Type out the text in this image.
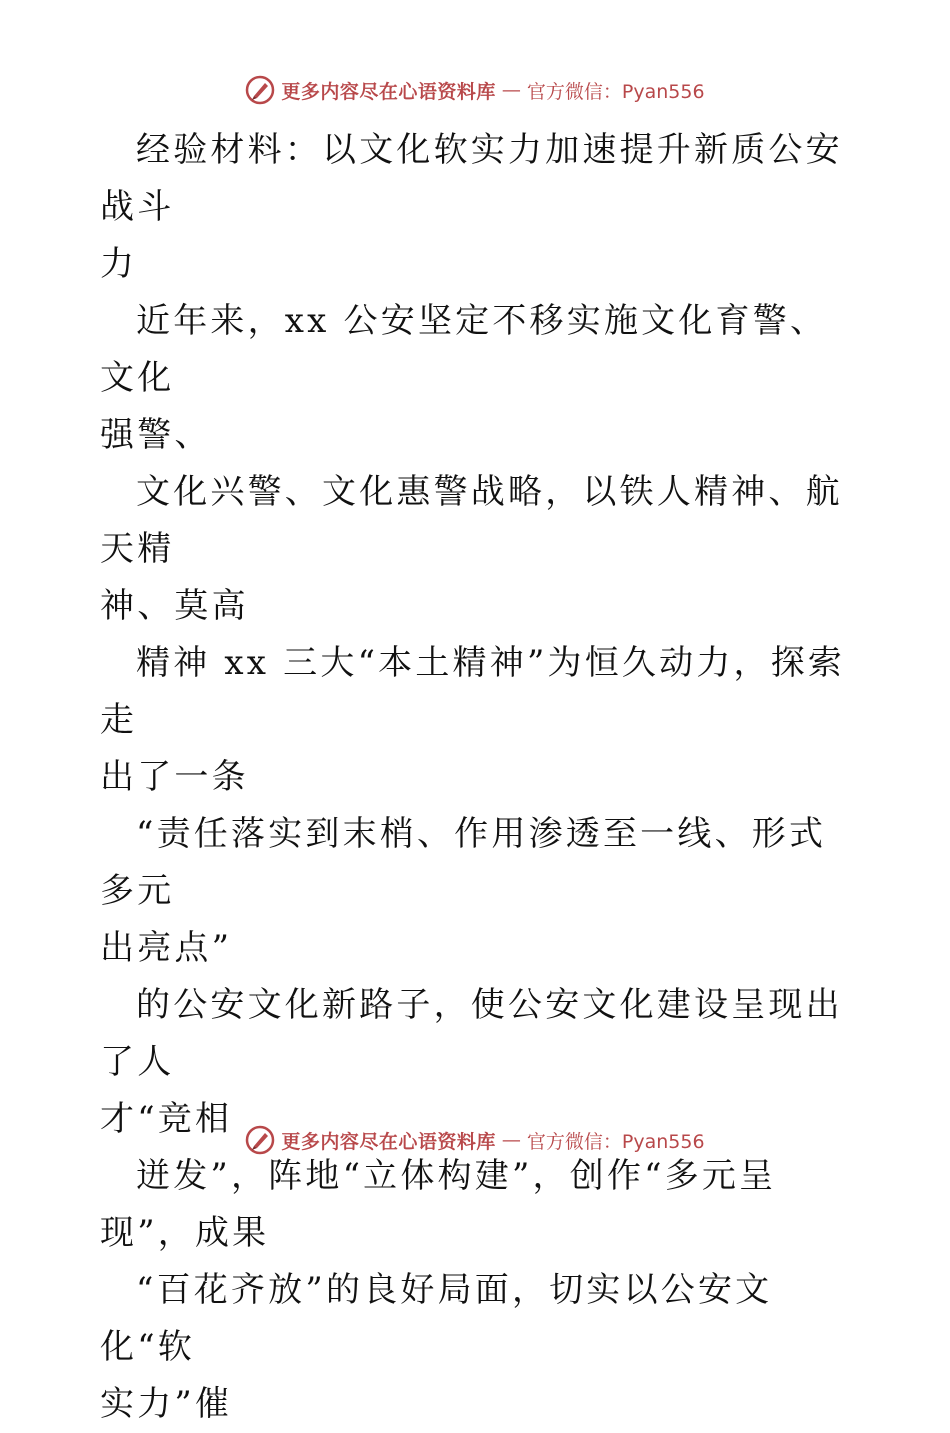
更多内容尽在心语资料库 — 官方微信：Pyan556

经验材料：以文化软实力加速提升新质公安战斗
力

近年来，xx 公安坚定不移实施文化育警、文化
强警、

文化兴警、文化惠警战略，以铁人精神、航天精
神、莫高

精神 xx 三大“本土精神”为恒久动力，探索走
出了一条

“责任落实到末梢、作用渗透至一线、形式多元
出亮点”

的公安文化新路子，使公安文化建设呈现出了人
才“竞相

迸发”，阵地“立体构建”，创作“多元呈
现”，成果

“百花齐放”的良好局面，切实以公安文化“软
实力”催

更多内容尽在心语资料库 — 官方微信：Pyan556
